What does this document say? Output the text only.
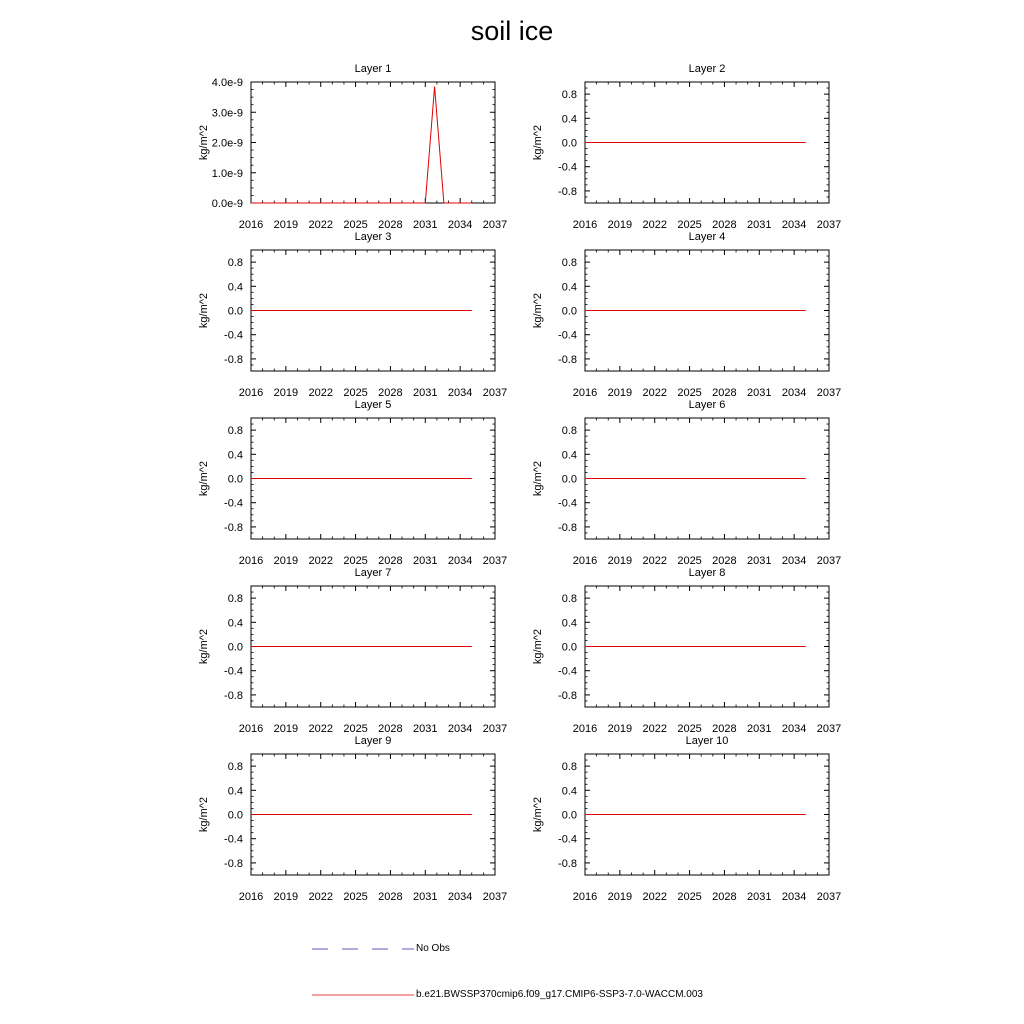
soil ice
Layer 1
kg/m^2
2016 2019 2022 2025 2028 2031 2034 2037
0.0e-9
1.0e-9
2.0e-9
3.0e-9
4.0e-9
Layer 2
kg/m^2
2016 2019 2022 2025 2028 2031 2034 2037
-0.8
-0.4
0.0
0.4
0.8
Layer 3
kg/m^2
2016 2019 2022 2025 2028 2031 2034 2037
-0.8
-0.4
0.0
0.4
0.8
Layer 4
kg/m^2
2016 2019 2022 2025 2028 2031 2034 2037
-0.8
-0.4
0.0
0.4
0.8
Layer 5
kg/m^2
2016 2019 2022 2025 2028 2031 2034 2037
-0.8
-0.4
0.0
0.4
0.8
Layer 6
kg/m^2
2016 2019 2022 2025 2028 2031 2034 2037
-0.8
-0.4
0.0
0.4
0.8
Layer 7
kg/m^2
2016 2019 2022 2025 2028 2031 2034 2037
-0.8
-0.4
0.0
0.4
0.8
Layer 8
kg/m^2
2016 2019 2022 2025 2028 2031 2034 2037
-0.8
-0.4
0.0
0.4
0.8
Layer 9
kg/m^2
2016 2019 2022 2025 2028 2031 2034 2037
-0.8
-0.4
0.0
0.4
0.8
Layer 10
kg/m^2
2016 2019 2022 2025 2028 2031 2034 2037
-0.8
-0.4
0.0
0.4
0.8
No Obs
b.e21.BWSSP370cmip6.f09_g17.CMIP6-SSP3-7.0-WACCM.003
